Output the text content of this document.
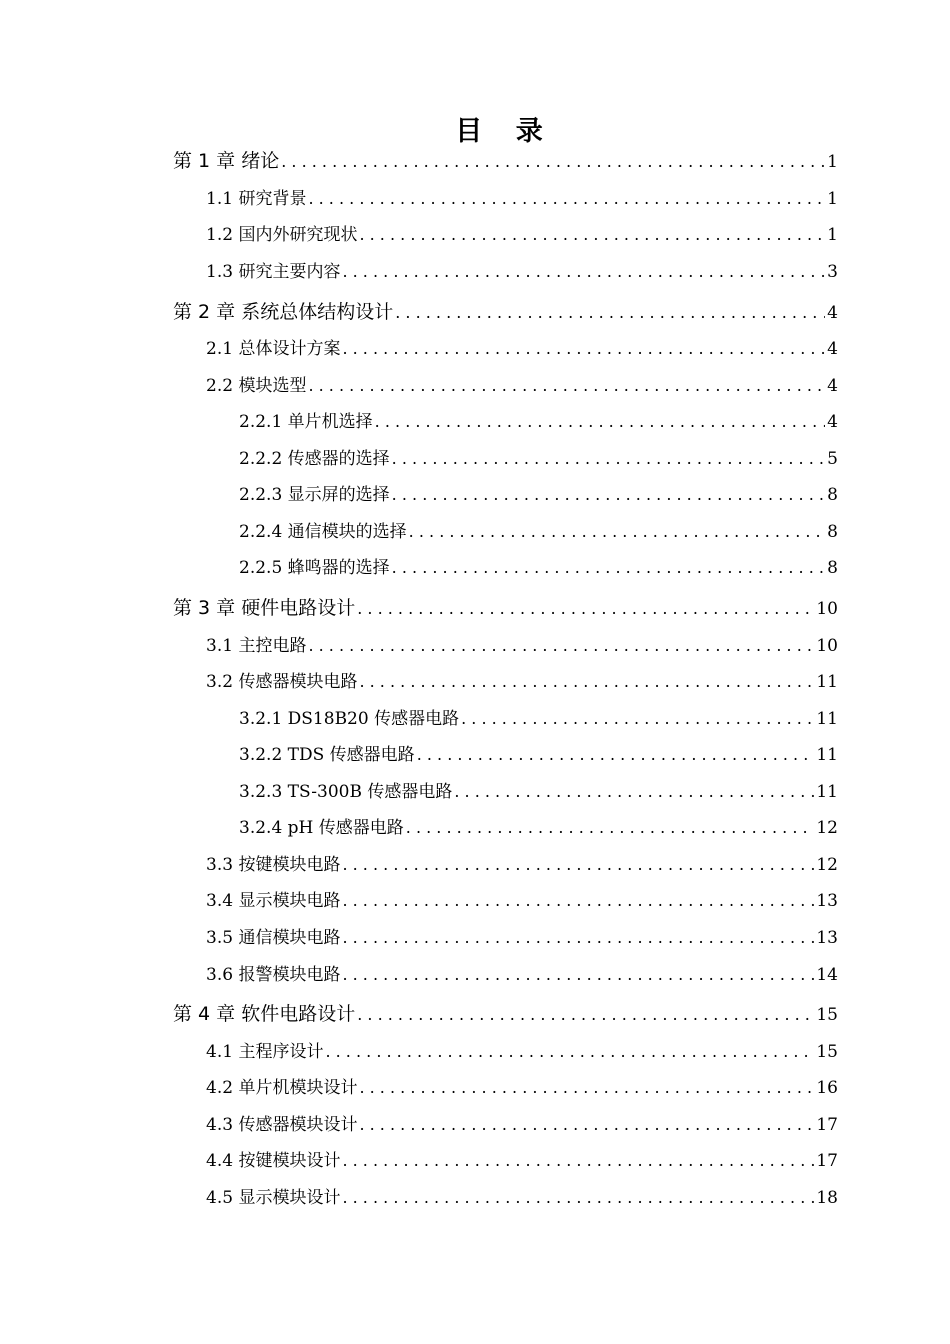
目 录
第 1 章 绪论 . . .	1
1.1 研究背景 . . .	1
1.2 国内外研究现状 . . .	1
1.3 研究主要内容 . . .	3
第 2 章 系统总体结构设计 . . .	4
2.1 总体设计方案 . . .	4
2.2 模块选型 . . .	4
2.2.1 单片机选择 . . .	4
2.2.2 传感器的选择 . . .	5
2.2.3 显示屏的选择 . . .	8
2.2.4 通信模块的选择 . . .	8
2.2.5 蜂鸣器的选择 . . .	8
第 3 章 硬件电路设计 . . .	10
3.1 主控电路 . . .	10
3.2 传感器模块电路 . . .	11
3.2.1 DS18B20 传感器电路 . . .	11
3.2.2 TDS 传感器电路 . . .	11
3.2.3 TS-300B 传感器电路 . . .	11
3.2.4 pH 传感器电路 . . .	12
3.3 按键模块电路 . . .	12
3.4 显示模块电路 . . .	13
3.5 通信模块电路 . . .	13
3.6 报警模块电路 . . .	14
第 4 章 软件电路设计 . . .	15
4.1 主程序设计 . . .	15
4.2 单片机模块设计 . . .	16
4.3 传感器模块设计 . . .	17
4.4 按键模块设计 . . .	17
4.5 显示模块设计 . . .	18
